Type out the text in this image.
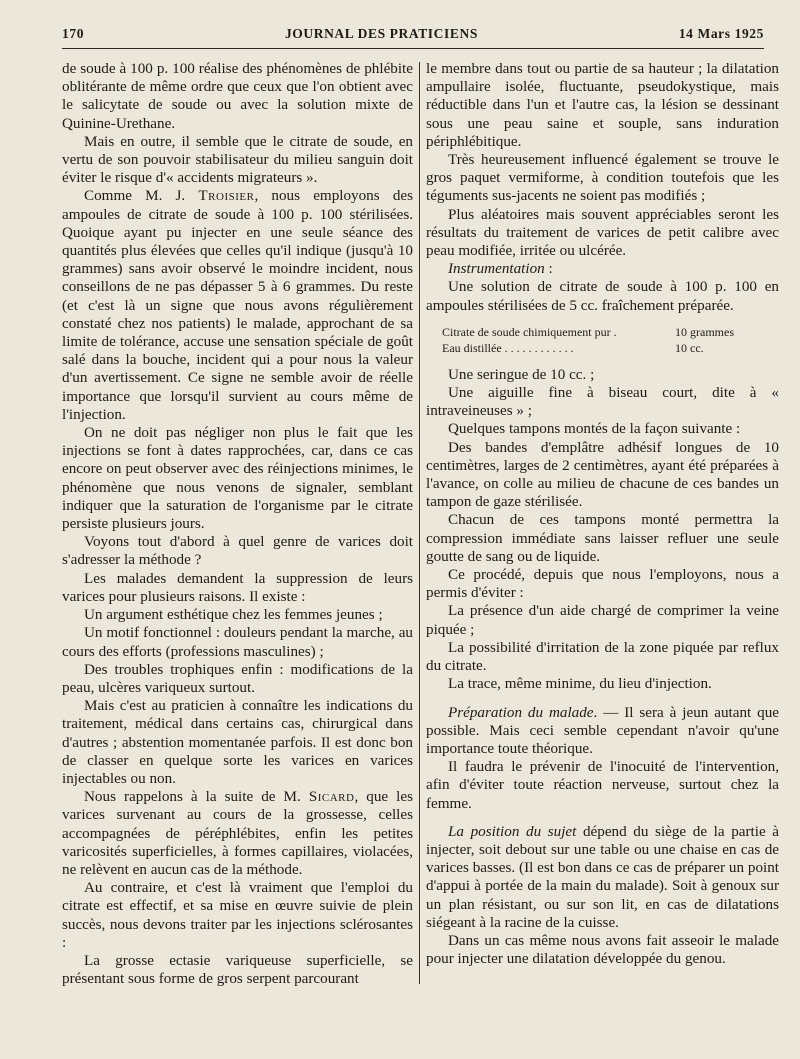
170	JOURNAL DES PRATICIENS	14 Mars 1925

de soude à 100 p. 100 réalise des phénomènes de phlébite oblitérante de même ordre que ceux que l'on obtient avec le salicytate de soude ou avec la solution mixte de Quinine-Urethane.

Mais en outre, il semble que le citrate de soude, en vertu de son pouvoir stabilisateur du milieu sanguin doit éviter le risque d'« accidents migrateurs ».

Comme M. J. Troisier, nous employons des ampoules de citrate de soude à 100 p. 100 stérilisées. Quoique ayant pu injecter en une seule séance des quantités plus élevées que celles qu'il indique (jusqu'à 10 grammes) sans avoir observé le moindre incident, nous conseillons de ne pas dépasser 5 à 6 grammes. Du reste (et c'est là un signe que nous avons régulièrement constaté chez nos patients) le malade, approchant de sa limite de tolérance, accuse une sensation spéciale de goût salé dans la bouche, incident qui a pour nous la valeur d'un avertissement. Ce signe ne semble avoir de réelle importance que lorsqu'il survient au cours même de l'injection.

On ne doit pas négliger non plus le fait que les injections se font à dates rapprochées, car, dans ce cas encore on peut observer avec des réinjections minimes, le phénomène que nous venons de signaler, semblant indiquer que la saturation de l'organisme par le citrate persiste plusieurs jours.

Voyons tout d'abord à quel genre de varices doit s'adresser la méthode ?

Les malades demandent la suppression de leurs varices pour plusieurs raisons. Il existe :

Un argument esthétique chez les femmes jeunes ;

Un motif fonctionnel : douleurs pendant la marche, au cours des efforts (professions masculines) ;

Des troubles trophiques enfin : modifications de la peau, ulcères variqueux surtout.

Mais c'est au praticien à connaître les indications du traitement, médical dans certains cas, chirurgical dans d'autres ; abstention momentanée parfois. Il est donc bon de classer en quelque sorte les varices en varices injectables ou non.

Nous rappelons à la suite de M. Sicard, que les varices survenant au cours de la grossesse, celles accompagnées de péréphlébites, enfin les petites varicosités superficielles, à formes capillaires, violacées, ne relèvent en aucun cas de la méthode.

Au contraire, et c'est là vraiment que l'emploi du citrate est effectif, et sa mise en œuvre suivie de plein succès, nous devons traiter par les injections sclérosantes :

La grosse ectasie variqueuse superficielle, se présentant sous forme de gros serpent parcourant

le membre dans tout ou partie de sa hauteur ; la dilatation ampullaire isolée, fluctuante, pseudokystique, mais réductible dans l'un et l'autre cas, la lésion se dessinant sous une peau saine et souple, sans induration périphlébitique.

Très heureusement influencé également se trouve le gros paquet vermiforme, à condition toutefois que les téguments sus-jacents ne soient pas modifiés ;

Plus aléatoires mais souvent appréciables seront les résultats du traitement de varices de petit calibre avec peau modifiée, irritée ou ulcérée.

Instrumentation :

Une solution de citrate de soude à 100 p. 100 en ampoules stérilisées de 5 cc. fraîchement préparée.

Citrate de soude chimiquement pur .	10 grammes
Eau distillée . . . . . . . . . . . .	10 cc.

Une seringue de 10 cc. ;

Une aiguille fine à biseau court, dite à « intraveineuses » ;

Quelques tampons montés de la façon suivante :

Des bandes d'emplâtre adhésif longues de 10 centimètres, larges de 2 centimètres, ayant été préparées à l'avance, on colle au milieu de chacune de ces bandes un tampon de gaze stérilisée.

Chacun de ces tampons monté permettra la compression immédiate sans laisser refluer une seule goutte de sang ou de liquide.

Ce procédé, depuis que nous l'employons, nous a permis d'éviter :

La présence d'un aide chargé de comprimer la veine piquée ;

La possibilité d'irritation de la zone piquée par reflux du citrate.

La trace, même minime, du lieu d'injection.

Préparation du malade. — Il sera à jeun autant que possible. Mais ceci semble cependant n'avoir qu'une importance toute théorique.

Il faudra le prévenir de l'inocuité de l'intervention, afin d'éviter toute réaction nerveuse, surtout chez la femme.

La position du sujet dépend du siège de la partie à injecter, soit debout sur une table ou une chaise en cas de varices basses. (Il est bon dans ce cas de préparer un point d'appui à portée de la main du malade). Soit à genoux sur un plan résistant, ou sur son lit, en cas de dilatations siégeant à la racine de la cuisse.

Dans un cas même nous avons fait asseoir le malade pour injecter une dilatation développée du genou.
